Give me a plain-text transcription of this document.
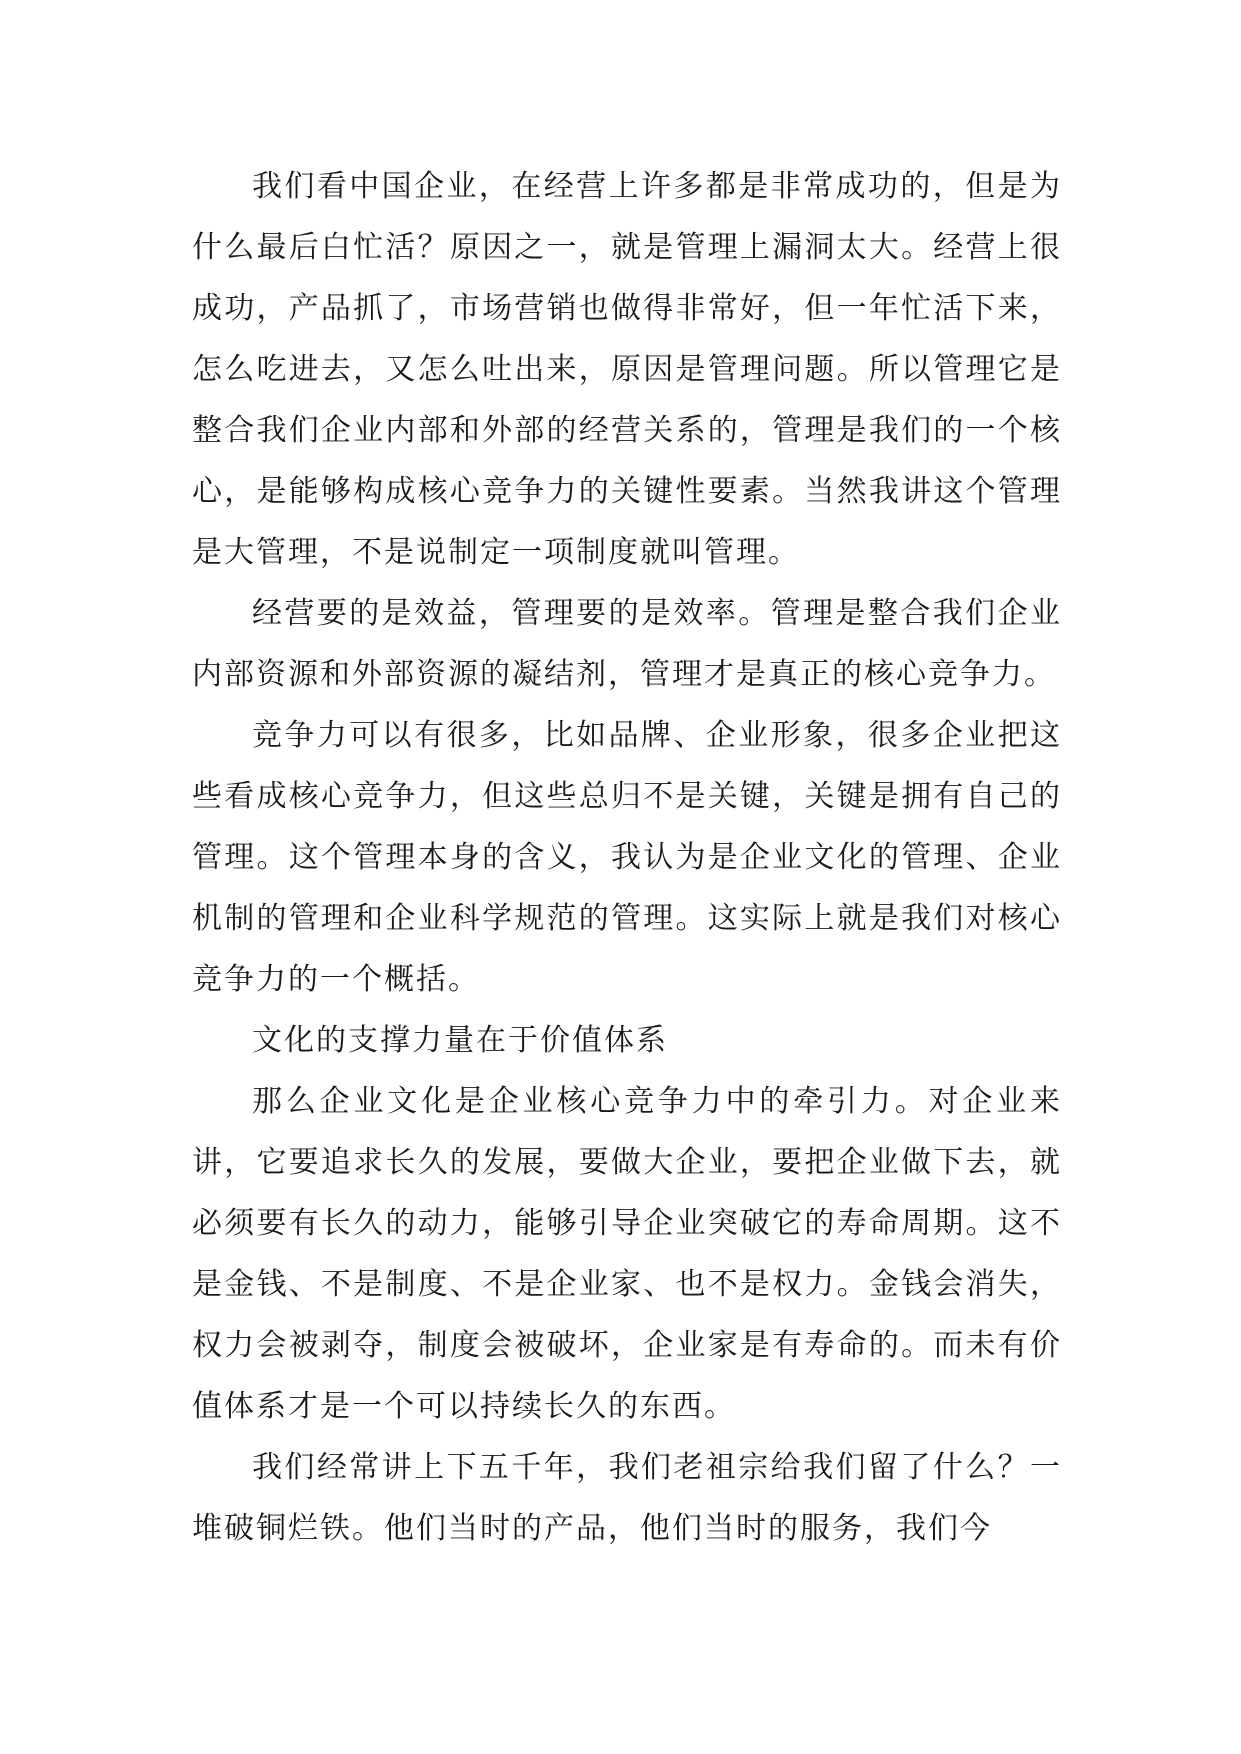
我们看中国企业，在经营上许多都是非常成功的，但是为什么最后白忙活？原因之一，就是管理上漏洞太大。经营上很成功，产品抓了，市场营销也做得非常好，但一年忙活下来，怎么吃进去，又怎么吐出来，原因是管理问题。所以管理它是整合我们企业内部和外部的经营关系的，管理是我们的一个核心，是能够构成核心竞争力的关键性要素。当然我讲这个管理是大管理，不是说制定一项制度就叫管理。

经营要的是效益，管理要的是效率。管理是整合我们企业内部资源和外部资源的凝结剂，管理才是真正的核心竞争力。

竞争力可以有很多，比如品牌、企业形象，很多企业把这些看成核心竞争力，但这些总归不是关键，关键是拥有自己的管理。这个管理本身的含义，我认为是企业文化的管理、企业机制的管理和企业科学规范的管理。这实际上就是我们对核心竞争力的一个概括。

文化的支撑力量在于价值体系

那么企业文化是企业核心竞争力中的牵引力。对企业来讲，它要追求长久的发展，要做大企业，要把企业做下去，就必须要有长久的动力，能够引导企业突破它的寿命周期。这不是金钱、不是制度、不是企业家、也不是权力。金钱会消失，权力会被剥夺，制度会被破坏，企业家是有寿命的。而未有价值体系才是一个可以持续长久的东西。

我们经常讲上下五千年，我们老祖宗给我们留了什么？一堆破铜烂铁。他们当时的产品，他们当时的服务，我们今
